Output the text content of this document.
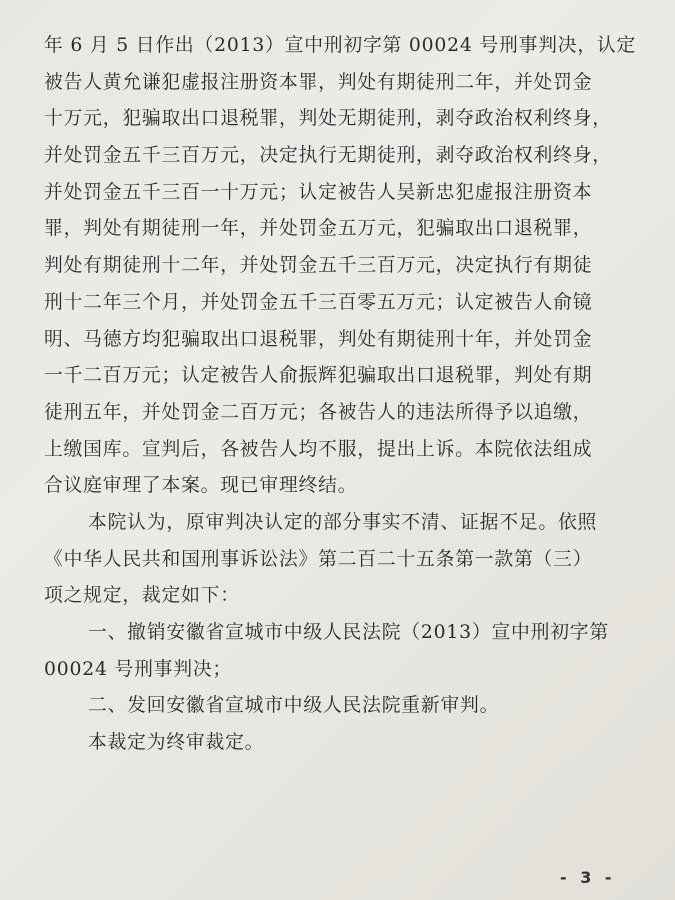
年 6 月 5 日作出（2013）宣中刑初字第 00024 号刑事判决，认定
被告人黄允谦犯虚报注册资本罪，判处有期徒刑二年，并处罚金
十万元，犯骗取出口退税罪，判处无期徒刑，剥夺政治权利终身，
并处罚金五千三百万元，决定执行无期徒刑，剥夺政治权利终身，
并处罚金五千三百一十万元；认定被告人吴新忠犯虚报注册资本
罪，判处有期徒刑一年，并处罚金五万元，犯骗取出口退税罪，
判处有期徒刑十二年，并处罚金五千三百万元，决定执行有期徒
刑十二年三个月，并处罚金五千三百零五万元；认定被告人俞镜
明、马德方均犯骗取出口退税罪，判处有期徒刑十年，并处罚金
一千二百万元；认定被告人俞振辉犯骗取出口退税罪，判处有期
徒刑五年，并处罚金二百万元；各被告人的违法所得予以追缴，
上缴国库。宣判后，各被告人均不服，提出上诉。本院依法组成
合议庭审理了本案。现已审理终结。
本院认为，原审判决认定的部分事实不清、证据不足。依照
《中华人民共和国刑事诉讼法》第二百二十五条第一款第（三）
项之规定，裁定如下：
一、撤销安徽省宣城市中级人民法院（2013）宣中刑初字第
00024 号刑事判决；
二、发回安徽省宣城市中级人民法院重新审判。
本裁定为终审裁定。
- 3 -
